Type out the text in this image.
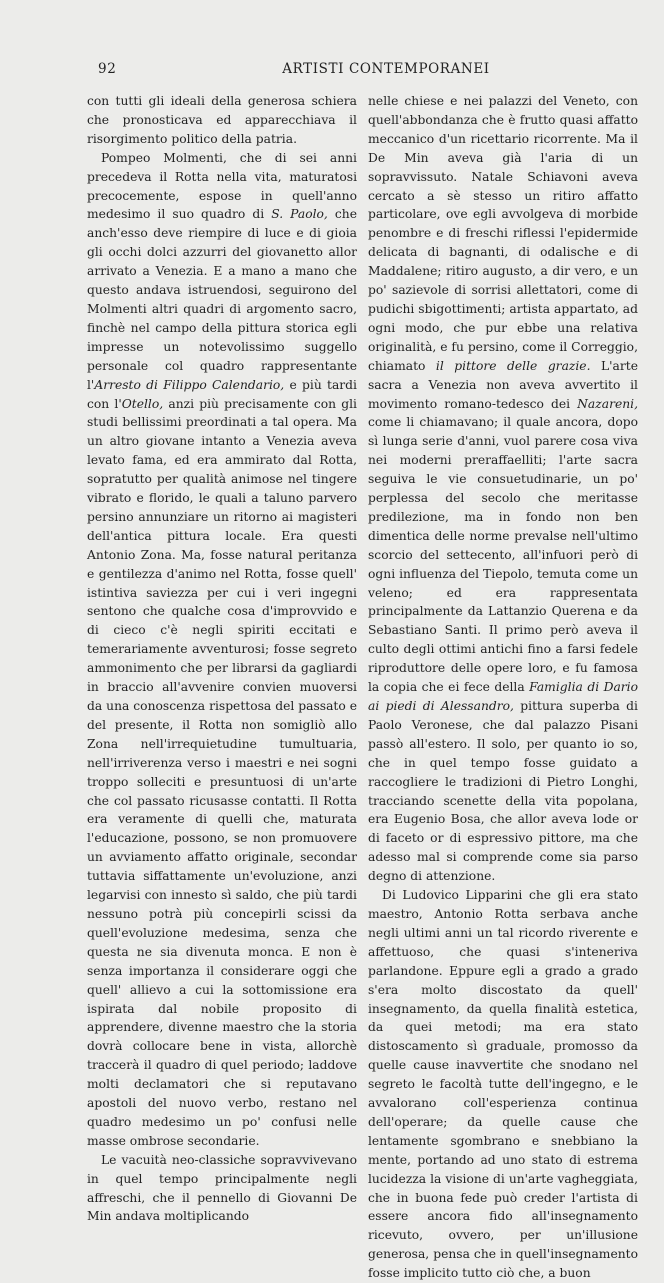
92	ARTISTI CONTEMPORANEI

con tutti gli ideali della generosa schiera che pronosticava ed apparecchiava il risorgimento politico della patria.

Pompeo Molmenti, che di sei anni precedeva il Rotta nella vita, maturatosi precocemente, espose in quell'anno medesimo il suo quadro di S. Paolo, che anch'esso deve riempire di luce e di gioia gli occhi dolci azzurri del giovanetto allor arrivato a Venezia. E a mano a mano che questo andava istruendosi, seguirono del Molmenti altri quadri di argomento sacro, finchè nel campo della pittura storica egli impresse un notevolissimo suggello personale col quadro rappresentante l'Arresto di Filippo Calendario, e più tardi con l'Otello, anzi più precisamente con gli studi bellissimi preordinati a tal opera. Ma un altro giovane intanto a Venezia aveva levato fama, ed era ammirato dal Rotta, sopratutto per qualità animose nel tingere vibrato e florido, le quali a taluno parvero persino annunziare un ritorno ai magisteri dell'antica pittura locale. Era questi Antonio Zona. Ma, fosse natural peritanza e gentilezza d'animo nel Rotta, fosse quell' istintiva saviezza per cui i veri ingegni sentono che qualche cosa d'improvvido e di cieco c'è negli spiriti eccitati e temerariamente avventurosi; fosse segreto ammonimento che per librarsi da gagliardi in braccio all'avvenire convien muoversi da una conoscenza rispettosa del passato e del presente, il Rotta non somigliò allo Zona nell'irrequietudine tumultuaria, nell'irriverenza verso i maestri e nei sogni troppo solleciti e presuntuosi di un'arte che col passato ricusasse contatti. Il Rotta era veramente di quelli che, maturata l'educazione, possono, se non promuovere un avviamento affatto originale, secondar tuttavia siffattamente un'evoluzione, anzi legarvisi con innesto sì saldo, che più tardi nessuno potrà più concepirli scissi da quell'evoluzione medesima, senza che questa ne sia divenuta monca. E non è senza importanza il considerare oggi che quell' allievo a cui la sottomissione era ispirata dal nobile proposito di apprendere, divenne maestro che la storia dovrà collocare bene in vista, allorchè traccerà il quadro di quel periodo; laddove molti declamatori che si reputavano apostoli del nuovo verbo, restano nel quadro medesimo un po' confusi nelle masse ombrose secondarie.

Le vacuità neo-classiche sopravvivevano in quel tempo principalmente negli affreschi, che il pennello di Giovanni De Min andava moltiplicando

nelle chiese e nei palazzi del Veneto, con quell'abbondanza che è frutto quasi affatto meccanico d'un ricettario ricorrente. Ma il De Min aveva già l'aria di un sopravvissuto. Natale Schiavoni aveva cercato a sè stesso un ritiro affatto particolare, ove egli avvolgeva di morbide penombre e di freschi riflessi l'epidermide delicata di bagnanti, di odalische e di Maddalene; ritiro augusto, a dir vero, e un po' sazievole di sorrisi allettatori, come di pudichi sbigottimenti; artista appartato, ad ogni modo, che pur ebbe una relativa originalità, e fu persino, come il Correggio, chiamato il pittore delle grazie. L'arte sacra a Venezia non aveva avvertito il movimento romano-tedesco dei Nazareni, come li chiamavano; il quale ancora, dopo sì lunga serie d'anni, vuol parere cosa viva nei moderni preraffaelliti; l'arte sacra seguiva le vie consuetudinarie, un po' perplessa del secolo che meritasse predilezione, ma in fondo non ben dimentica delle norme prevalse nell'ultimo scorcio del settecento, all'infuori però di ogni influenza del Tiepolo, temuta come un veleno; ed era rappresentata principalmente da Lattanzio Querena e da Sebastiano Santi. Il primo però aveva il culto degli ottimi antichi fino a farsi fedele riproduttore delle opere loro, e fu famosa la copia che ei fece della Famiglia di Dario ai piedi di Alessandro, pittura superba di Paolo Veronese, che dal palazzo Pisani passò all'estero. Il solo, per quanto io so, che in quel tempo fosse guidato a raccogliere le tradizioni di Pietro Longhi, tracciando scenette della vita popolana, era Eugenio Bosa, che allor aveva lode or di faceto or di espressivo pittore, ma che adesso mal si comprende come sia parso degno di attenzione.

Di Ludovico Lipparini che gli era stato maestro, Antonio Rotta serbava anche negli ultimi anni un tal ricordo riverente e affettuoso, che quasi s'inteneriva parlandone. Eppure egli a grado a grado s'era molto discostato da quell' insegnamento, da quella finalità estetica, da quei metodi; ma era stato distoscamento sì graduale, promosso da quelle cause inavvertite che snodano nel segreto le facoltà tutte dell'ingegno, e le avvalorano coll'esperienza continua dell'operare; da quelle cause che lentamente sgombrano e snebbiano la mente, portando ad uno stato di estrema lucidezza la visione di un'arte vagheggiata, che in buona fede può creder l'artista di essere ancora fido all'insegnamento ricevuto, ovvero, per un'illusione generosa, pensa che in quell'insegnamento fosse implicito tutto ciò che, a buon
